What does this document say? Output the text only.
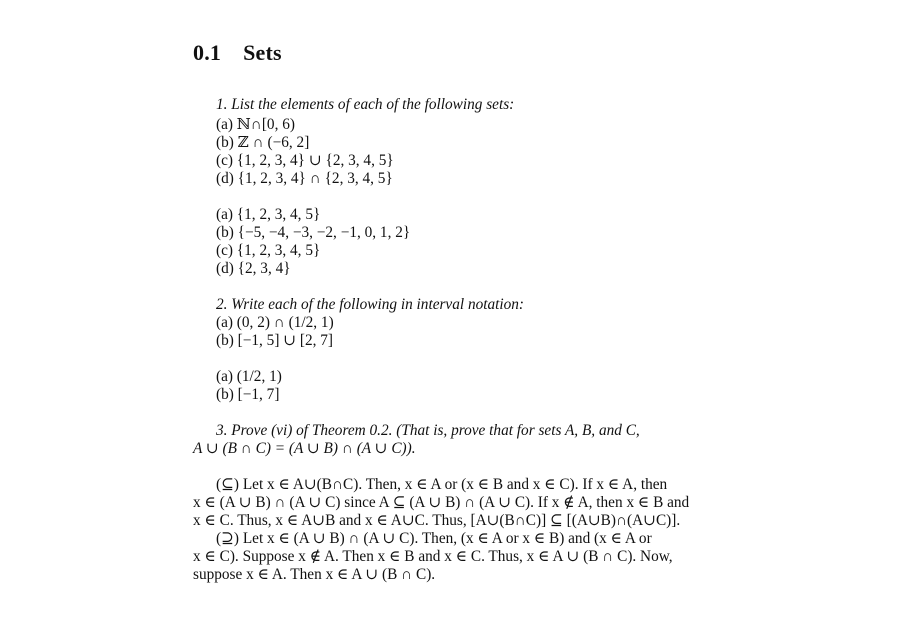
0.1 Sets
1. List the elements of each of the following sets:
(a) ℕ∩[0, 6)
(b) ℤ ∩ (−6, 2]
(c) {1, 2, 3, 4} ∪ {2, 3, 4, 5}
(d) {1, 2, 3, 4} ∩ {2, 3, 4, 5}
(a) {1, 2, 3, 4, 5}
(b) {−5, −4, −3, −2, −1, 0, 1, 2}
(c) {1, 2, 3, 4, 5}
(d) {2, 3, 4}
2. Write each of the following in interval notation:
(a) (0, 2) ∩ (1/2, 1)
(b) [−1, 5] ∪ [2, 7]
(a) (1/2, 1)
(b) [−1, 7]
3. Prove (vi) of Theorem 0.2. (That is, prove that for sets A, B, and C,
A ∪ (B ∩ C) = (A ∪ B) ∩ (A ∪ C)).
(⊆) Let x ∈ A∪(B∩C). Then, x ∈ A or (x ∈ B and x ∈ C). If x ∈ A, then
x ∈ (A ∪ B) ∩ (A ∪ C) since A ⊆ (A ∪ B) ∩ (A ∪ C). If x ∉ A, then x ∈ B and
x ∈ C. Thus, x ∈ A∪B and x ∈ A∪C. Thus, [A∪(B∩C)] ⊆ [(A∪B)∩(A∪C)].
(⊇) Let x ∈ (A ∪ B) ∩ (A ∪ C). Then, (x ∈ A or x ∈ B) and (x ∈ A or
x ∈ C). Suppose x ∉ A. Then x ∈ B and x ∈ C. Thus, x ∈ A ∪ (B ∩ C). Now,
suppose x ∈ A. Then x ∈ A ∪ (B ∩ C).
